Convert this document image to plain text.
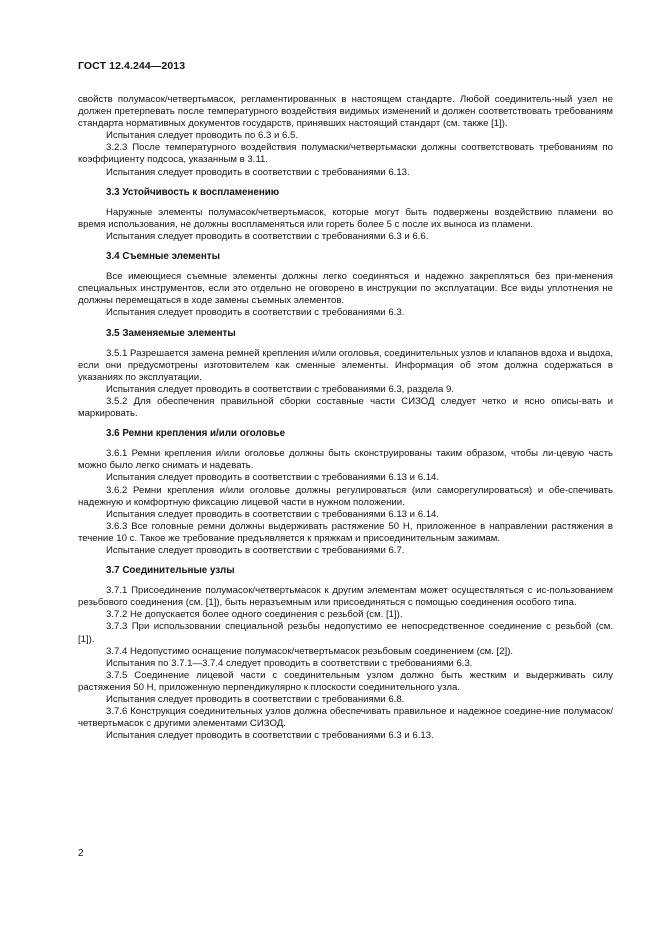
ГОСТ 12.4.244—2013

свойств полумасок/четвертьмасок, регламентированных в настоящем стандарте. Любой соединитель-ный узел не должен претерпевать после температурного воздействия видимых изменений и должен соответствовать требованиям стандарта нормативных документов государств, принявших настоящий стандарт (см. также [1]).

Испытания следует проводить по 6.3 и 6.5.

3.2.3 После температурного воздействия полумаски/четвертьмаски должны соответствовать требованиям по коэффициенту подсоса, указанным в 3.11.

Испытания следует проводить в соответствии с требованиями 6.13.

3.3 Устойчивость к воспламенению

Наружные элементы полумасок/четвертьмасок, которые могут быть подвержены воздействию пламени во время использования, не должны воспламеняться или гореть более 5 с после их выноса из пламени.

Испытания следует проводить в соответствии с требованиями 6.3 и 6.6.

3.4 Съемные элементы

Все имеющиеся съемные элементы должны легко соединяться и надежно закрепляться без при-менения специальных инструментов, если это отдельно не оговорено в инструкции по эксплуатации. Все виды уплотнения не должны перемещаться в ходе замены съемных элементов.

Испытания следует проводить в соответствии с требованиями 6.3.

3.5 Заменяемые элементы

3.5.1 Разрешается замена ремней крепления и/или оголовья, соединительных узлов и клапанов вдоха и выдоха, если они предусмотрены изготовителем как сменные элементы. Информация об этом должна содержаться в указаниях по эксплуатации.

Испытания следует проводить в соответствии с требованиями 6.3, раздела 9.

3.5.2 Для обеспечения правильной сборки составные части СИЗОД следует четко и ясно описы-вать и маркировать.

3.6 Ремни крепления и/или оголовье

3.6.1 Ремни крепления и/или оголовье должны быть сконструированы таким образом, чтобы ли-цевую часть можно было легко снимать и надевать.

Испытания следует проводить в соответствии с требованиями 6.13 и 6.14.

3.6.2 Ремни крепления и/или оголовье должны регулироваться (или саморегулироваться) и обе-спечивать надежную и комфортную фиксацию лицевой части в нужном положении.

Испытания следует проводить в соответствии с требованиями 6.13 и 6.14.

3.6.3 Все головные ремни должны выдерживать растяжение 50 Н, приложенное в направлении растяжения в течение 10 с. Такое же требование предъявляется к пряжкам и присоединительным зажимам.

Испытание следует проводить в соответствии с требованиями 6.7.

3.7 Соединительные узлы

3.7.1 Присоединение полумасок/четвертьмасок к другим элементам может осуществляться с ис-пользованием резьбового соединения (см. [1]), быть неразъемным или присоединяться с помощью соединения особого типа.

3.7.2 Не допускается более одного соединения с резьбой (см. [1]).

3.7.3 При использовании специальной резьбы недопустимо ее непосредственное соединение с резьбой (см. [1]).

3.7.4 Недопустимо оснащение полумасок/четвертьмасок резьбовым соединением (см. [2]).

Испытания по 3.7.1—3.7.4 следует проводить в соответствии с требованиями 6.3.

3.7.5 Соединение лицевой части с соединительным узлом должно быть жестким и выдерживать силу растяжения 50 Н, приложенную перпендикулярно к плоскости соединительного узла.

Испытания следует проводить в соответствии с требованиями 6.8.

3.7.6 Конструкция соединительных узлов должна обеспечивать правильное и надежное соедине-ние полумасок/четвертьмасок с другими элементами СИЗОД.

Испытания следует проводить в соответствии с требованиями 6.3 и 6.13.

2
